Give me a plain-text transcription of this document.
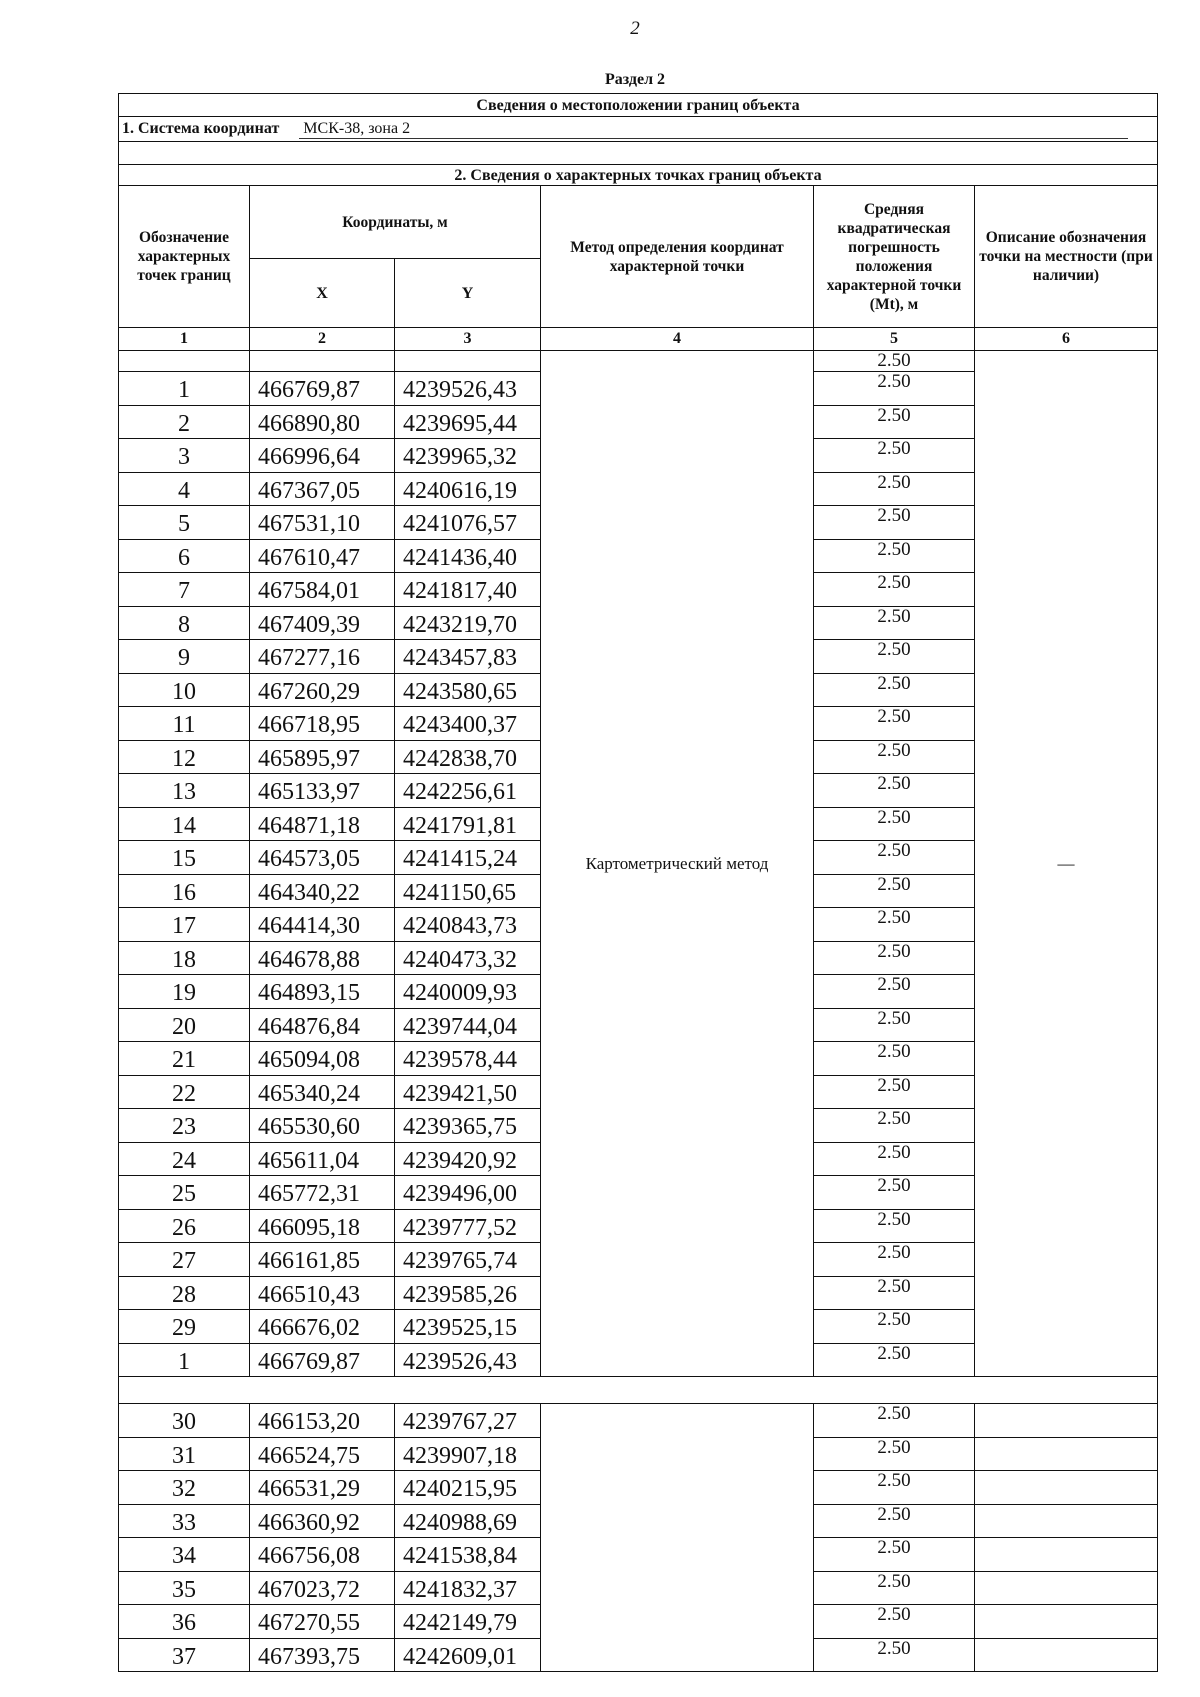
2
Раздел 2
Сведения о местоположении границ объекта					
1. Система координат МСК-38, зона 2					

2. Сведения о характерных точках границ объекта					
Обозначение характерных точек границ	Координаты, м		Метод определения координат характерной точки	Средняя квадратическая погрешность положения характерной точки (Mt), м	Описание обозначения точки на местности (при наличии)
	X	Y			
1	2	3	4	5	6
			Картометрический метод	2.50	—
1	466769,87	4239526,43		2.50	
2	466890,80	4239695,44		2.50	
3	466996,64	4239965,32		2.50	
4	467367,05	4240616,19		2.50	
5	467531,10	4241076,57		2.50	
6	467610,47	4241436,40		2.50	
7	467584,01	4241817,40		2.50	
8	467409,39	4243219,70		2.50	
9	467277,16	4243457,83		2.50	
10	467260,29	4243580,65		2.50	
11	466718,95	4243400,37		2.50	
12	465895,97	4242838,70		2.50	
13	465133,97	4242256,61		2.50	
14	464871,18	4241791,81		2.50	
15	464573,05	4241415,24		2.50	
16	464340,22	4241150,65		2.50	
17	464414,30	4240843,73		2.50	
18	464678,88	4240473,32		2.50	
19	464893,15	4240009,93		2.50	
20	464876,84	4239744,04		2.50	
21	465094,08	4239578,44		2.50	
22	465340,24	4239421,50		2.50	
23	465530,60	4239365,75		2.50	
24	465611,04	4239420,92		2.50	
25	465772,31	4239496,00		2.50	
26	466095,18	4239777,52		2.50	
27	466161,85	4239765,74		2.50	
28	466510,43	4239585,26		2.50	
29	466676,02	4239525,15		2.50	
1	466769,87	4239526,43		2.50	

30	466153,20	4239767,27		2.50	
31	466524,75	4239907,18		2.50	
32	466531,29	4240215,95		2.50	
33	466360,92	4240988,69		2.50	
34	466756,08	4241538,84		2.50	
35	467023,72	4241832,37		2.50	
36	467270,55	4242149,79		2.50	
37	467393,75	4242609,01		2.50	
